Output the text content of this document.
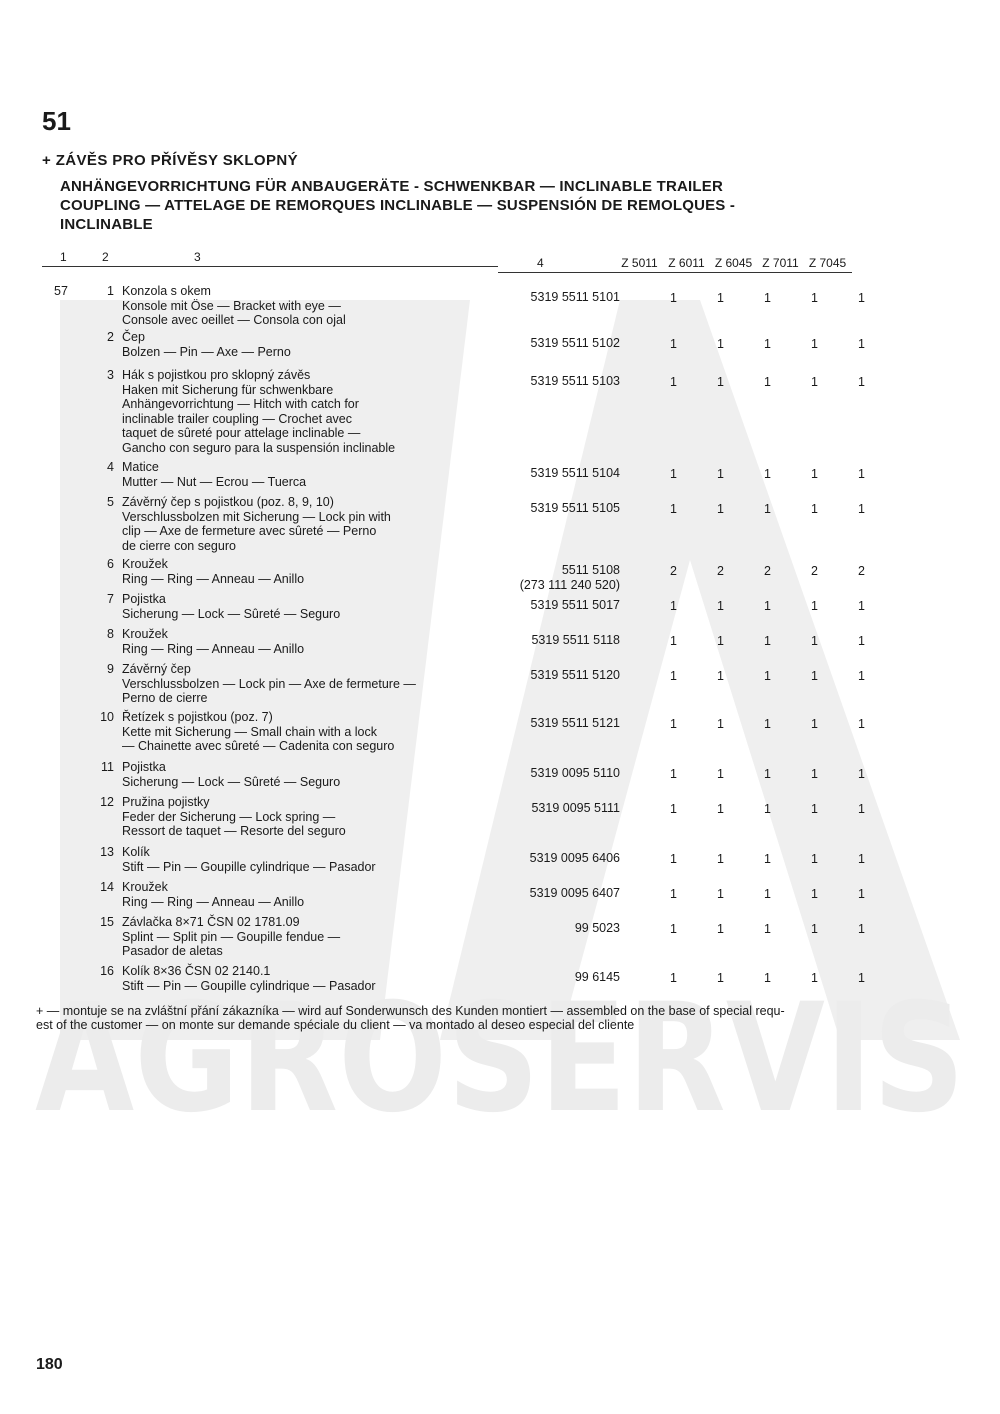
AGROSERVIS
51
+ ZÁVĚS PRO PŘÍVĚSY SKLOPNÝ
ANHÄNGEVORRICHTUNG FÜR ANBAUGERÄTE - SCHWENKBAR — INCLINABLE TRAILER
COUPLING — ATTELAGE DE REMORQUES INCLINABLE — SUSPENSIÓN DE REMOLQUES -
INCLINABLE
1	2	3	4	Z 5011 Z 6011 Z 6045 Z 7011 Z 7045
57	1 Konzola s okem
Konsole mit Öse — Bracket with eye —
Console avec oeillet — Consola con ojal
5319 5511 5101	1	1	1	1	1
2 Čep
Bolzen — Pin — Axe — Perno
5319 5511 5102	1	1	1	1	1
3 Hák s pojistkou pro sklopný závěs
Haken mit Sicherung für schwenkbare
Anhängevorrichtung — Hitch with catch for
inclinable trailer coupling — Crochet avec
taquet de sûreté pour attelage inclinable —
Gancho con seguro para la suspensión inclinable
5319 5511 5103	1	1	1	1	1
4 Matice
Mutter — Nut — Ecrou — Tuerca
5319 5511 5104	1	1	1	1	1
5 Závěrný čep s pojistkou (poz. 8, 9, 10)
Verschlussbolzen mit Sicherung — Lock pin with
clip — Axe de fermeture avec sûreté — Perno
de cierre con seguro
5319 5511 5105	1	1	1	1	1
6 Kroužek
Ring — Ring — Anneau — Anillo
5511 5108
(273 111 240 520)
2	2	2	2	2
7 Pojistka
Sicherung — Lock — Sûreté — Seguro
5319 5511 5017	1	1	1	1	1
8 Kroužek
Ring — Ring — Anneau — Anillo
5319 5511 5118	1	1	1	1	1
9 Závěrný čep
Verschlussbolzen — Lock pin — Axe de fermeture —
Perno de cierre
5319 5511 5120	1	1	1	1	1
10 Řetízek s pojistkou (poz. 7)
Kette mit Sicherung — Small chain with a lock
— Chainette avec sûreté — Cadenita con seguro
5319 5511 5121	1	1	1	1	1
11 Pojistka
Sicherung — Lock — Sûreté — Seguro
5319 0095 5110	1	1	1	1	1
12 Pružina pojistky
Feder der Sicherung — Lock spring —
Ressort de taquet — Resorte del seguro
5319 0095 5111	1	1	1	1	1
13 Kolík
Stift — Pin — Goupille cylindrique — Pasador
5319 0095 6406	1	1	1	1	1
14 Kroužek
Ring — Ring — Anneau — Anillo
5319 0095 6407	1	1	1	1	1
15 Závlačka 8×71 ČSN 02 1781.09
Splint — Split pin — Goupille fendue —
Pasador de aletas
99 5023	1	1	1	1	1
16 Kolík 8×36 ČSN 02 2140.1
Stift — Pin — Goupille cylindrique — Pasador
99 6145	1	1	1	1	1
+ — montuje se na zvláštní přání zákazníka — wird auf Sonderwunsch des Kunden montiert — assembled on the base of special requ-
est of the customer — on monte sur demande spéciale du client — va montado al deseo especial del cliente
180
